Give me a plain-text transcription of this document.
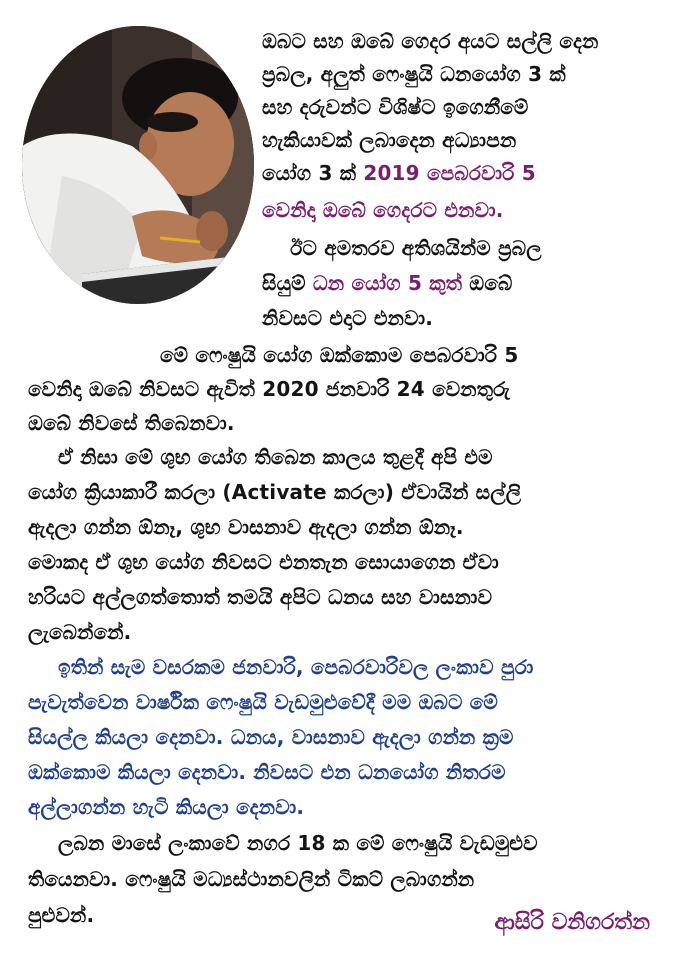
ඔබට සහ ඔබේ ගෙදර අයට සල්ලි දෙන
ප්‍රබල, අලුත් ෆෙංෂුයි ධනයෝග 3 ක්
සහ දරුවන්ට විශිෂ්ට ඉගෙනීමේ
හැකියාවක් ලබාදෙන අධ්‍යාපන
යෝග 3 ක් 2019 පෙබරවාරි 5
වෙනිදා ඔබේ ගෙදරට එනවා.
ඊට අමතරව අතිශයින්ම ප්‍රබල
සියුම් ධන යෝග 5 කුත් ඔබේ
නිවසට එදාට එනවා.
මේ ෆෙංෂුයි යෝග ඔක්කොම පෙබරවාරි 5
වෙනිදා ඔබේ නිවසට ඇවිත් 2020 ජනවාරි 24 වෙනතුරු
ඔබේ නිවසේ තිබෙනවා.
ඒ නිසා මේ ශුභ යෝග තිබෙන කාලය තුළදී අපි එම
යෝග ක්‍රියාකාරී කරලා (Activate කරලා) ඒවායින් සල්ලි
ඇදලා ගන්න ඕනෑ, ශුභ වාසනාව ඇදලා ගන්න ඕනෑ.
මොකද ඒ ශුභ යෝග නිවසට එනතැන සොයාගෙන ඒවා
හරියට අල්ලගත්තොත් තමයි අපිට ධනය සහ වාසනාව
ලැබෙන්නේ.
ඉතින් සැම වසරකම ජනවාරි, පෙබරවාරිවල ලංකාව පුරා
පැවැත්වෙන වාර්ෂික ෆෙංෂුයි වැඩමුළුවේදී මම ඔබට මේ
සියල්ල කියලා දෙනවා. ධනය, වාසනාව ඇදලා ගන්න ක්‍රම
ඔක්කොම කියලා දෙනවා. නිවසට එන ධනයෝග නිතරම
අල්ලාගන්න හැටි කියලා දෙනවා.
ලබන මාසේ ලංකාවේ නගර 18 ක මේ ෆෙංෂුයි වැඩමුළුව
තියෙනවා. ෆෙංෂුයි මධ්‍යස්ථානවලින් ටිකට් ලබාගන්න
පුළුවන්.	ආසිරි වනිගරත්න
